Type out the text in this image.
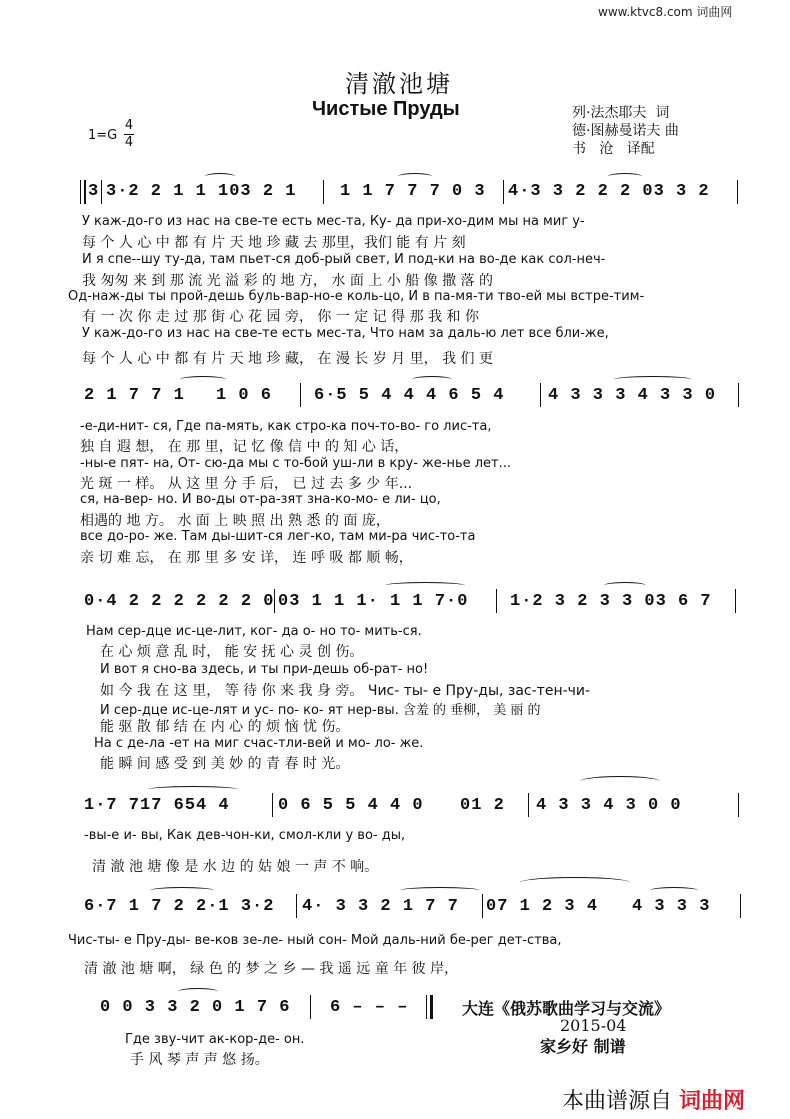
www.ktvc8.com 词曲网
清澈池塘
Чистые Пруды	列·法杰耶夫  词
德·图赫曼诺夫 曲
书   沧   译配
1=G
4
4
3 3·2 2 1 1 103 2 1	1 1 7 7 7 0 3 4·3 3 2 2 2 03 3 2
У каж-до-го из нас на све-те есть мес-та, Ку- да при-хо-дим мы на миг у-
每 个 人 心 中 都 有 片 天 地 珍 藏 去 那里，我们 能 有 片 刻
И я спе--шу ту-да, там пьет-ся доб-рый свет, И под-ки на во-де как сол-неч-
我 匆匆 来 到 那 流 光 溢 彩 的 地 方， 水 面 上 小 船 像 撒 落 的
Од-наж-ды ты прой-дешь буль-вар-но-е коль-цо, И в па-мя-ти тво-ей мы встре-тим-
有 一 次 你 走 过 那 街 心 花 园 旁， 你 一 定 记 得 那 我 和 你
У каж-до-го из нас на све-те есть мес-та, Что нам за даль-ю лет все бли-же,
每 个 人 心 中 都 有 片 天 地 珍 藏， 在 漫 长 岁 月 里， 我 们 更
2 1 7 7 1 1 0 6 6·5 5 4 4 4 6 5 4	4 3 3 3 4 3 3 0
-е-ди-нит- ся, Где па-мять, как стро-ка поч-то-во- го лис-та,
独 自 遐 想， 在 那 里，记 忆 像 信 中 的 知 心 话，
-ны-е пят- на, От- сю-да мы с то-бой уш-ли в кру- же-нье лет...
光 斑 一 样。 从 这 里 分 手 后， 已 过 去 多 少 年...
ся, на-вер- но. И во-ды от-ра-зят зна-ко-мо- е ли- цо,
相遇的 地 方。 水 面 上 映 照 出 熟 悉 的 面 庞，
все до-ро- же. Там ды-шит-ся лег-ко, там ми-ра чис-то-та
亲 切 难 忘， 在 那 里 多 安 详， 连 呼 吸 都 顺 畅，
0·4 2 2 2 2 2 2 0 03 1 1 1· 1 1 7·0 1·2 3 2 3 3 03 6 7
Нам сер-дце ис-це-лит, ког- да о- но то- мить-ся.
在 心 烦 意 乱 时， 能 安 抚 心 灵 创 伤。
И вот я сно-ва здесь, и ты при-дешь об-рат- но!
如 今 我 在 这 里， 等 待 你 来 我 身 旁。 Чис- ты- е Пру-ды, зас-тен-чи-
И сер-дце ис-це-лят и ус- по- ко- ят нер-вы. 含羞 的 垂柳， 美 丽 的
能 驱 散 郁 结 在 内 心 的 烦 恼 忧 伤。
На с де-ла -ет на миг счас-тли-вей и мо- ло- же.
能 瞬 间 感 受 到 美 妙 的 青 春 时 光。
1·7 717 654 4	0 6 5 5 4 4 0 01 2 4 3 3 4 3 0 0
-вы-е и- вы, Как дев-чон-ки, смол-кли у во- ды,
清 澈 池 塘 像 是 水 边 的 姑 娘 一 声 不 响。
6·7 1 7 2 2·1 3·2 4· 3 3 2 1 7 7 07 1 2 3 4 4 3 3 3
Чис-ты- е Пру-ды- ве-ков зе-ле- ный сон- Мой даль-ний бе-рег дет-ства,
清 澈 池 塘 啊， 绿 色 的 梦 之 乡 — 我 遥 远 童 年 彼 岸，
0 0 3 3 2 0 1 7 6 6 – – –
Где зву-чит ак-кор-де- он.
手 风 琴 声 声 悠 扬。
大连《俄苏歌曲学习与交流》
2015-04
家乡好 制谱
本曲谱源自 词曲网
